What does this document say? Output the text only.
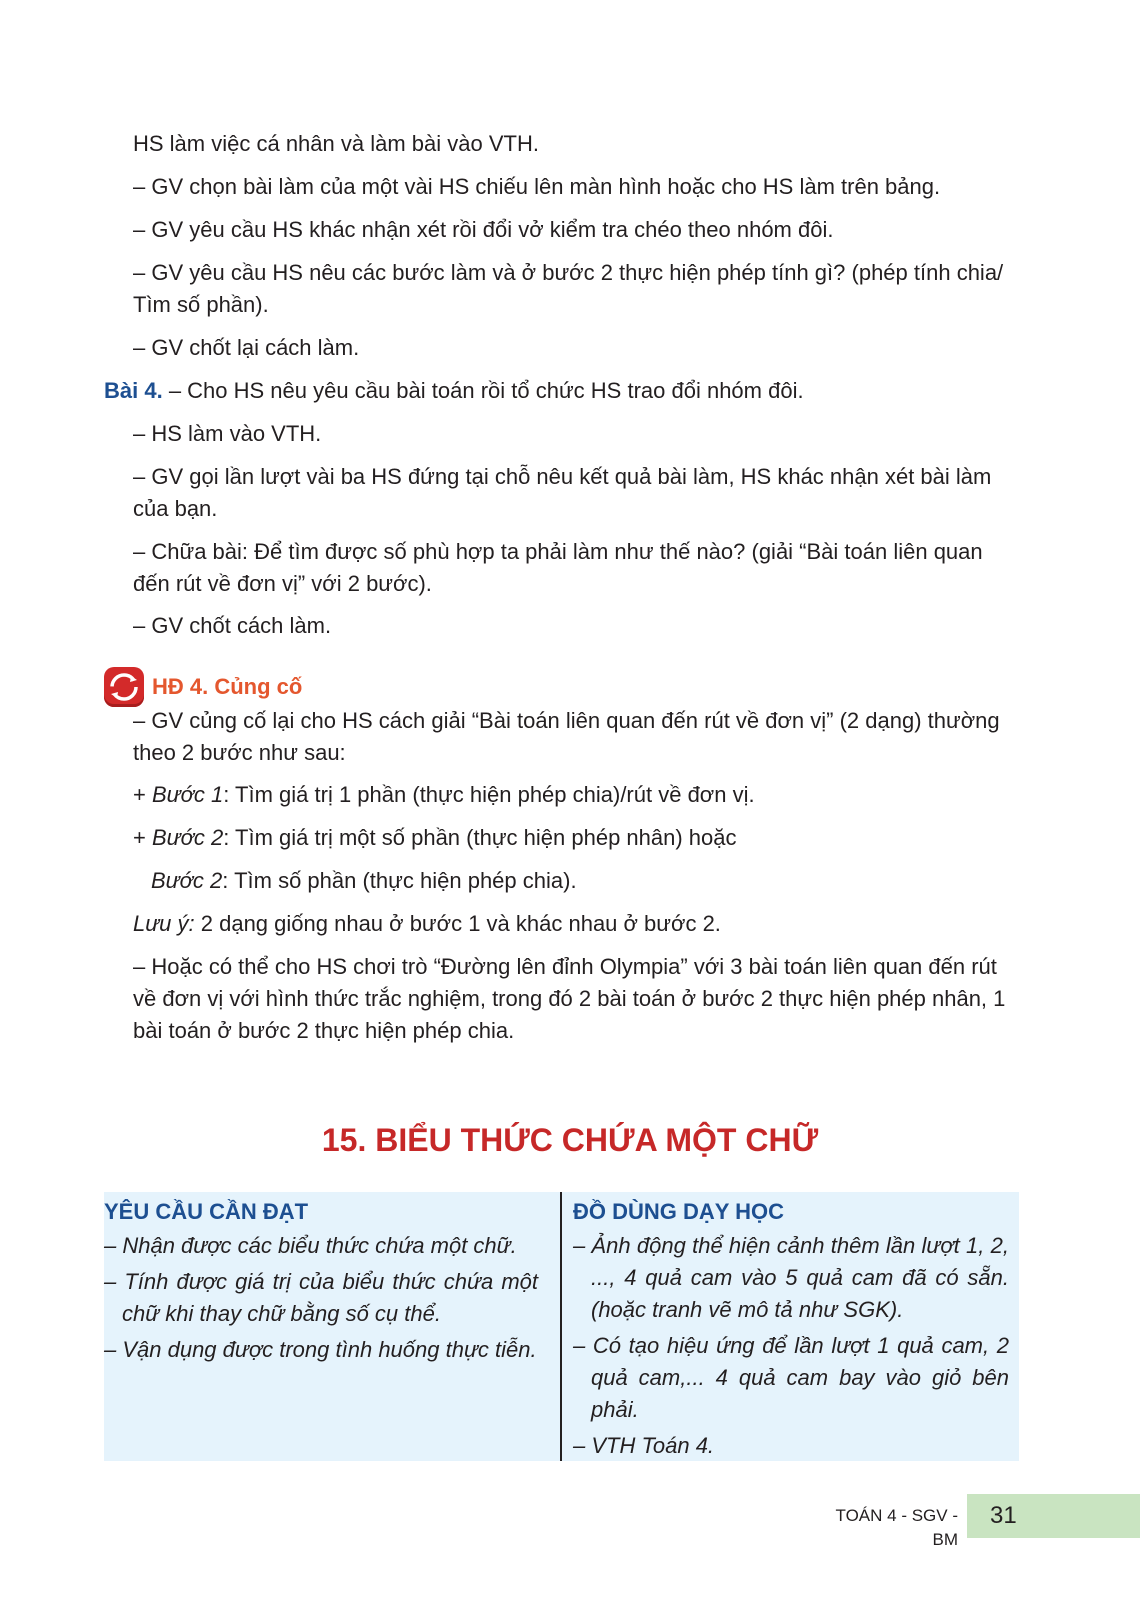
HS làm việc cá nhân và làm bài vào VTH.

– GV chọn bài làm của một vài HS chiếu lên màn hình hoặc cho HS làm trên bảng.

– GV yêu cầu HS khác nhận xét rồi đổi vở kiểm tra chéo theo nhóm đôi.

– GV yêu cầu HS nêu các bước làm và ở bước 2 thực hiện phép tính gì? (phép tính chia/ Tìm số phần).

– GV chốt lại cách làm.

Bài 4. – Cho HS nêu yêu cầu bài toán rồi tổ chức HS trao đổi nhóm đôi.

– HS làm vào VTH.

– GV gọi lần lượt vài ba HS đứng tại chỗ nêu kết quả bài làm, HS khác nhận xét bài làm của bạn.

– Chữa bài: Để tìm được số phù hợp ta phải làm như thế nào? (giải “Bài toán liên quan đến rút về đơn vị” với 2 bước).

– GV chốt cách làm.

HĐ 4. Củng cố

– GV củng cố lại cho HS cách giải “Bài toán liên quan đến rút về đơn vị” (2 dạng) thường theo 2 bước như sau:

+ Bước 1: Tìm giá trị 1 phần (thực hiện phép chia)/rút về đơn vị.

+ Bước 2: Tìm giá trị một số phần (thực hiện phép nhân) hoặc

Bước 2: Tìm số phần (thực hiện phép chia).

Lưu ý: 2 dạng giống nhau ở bước 1 và khác nhau ở bước 2.

– Hoặc có thể cho HS chơi trò “Đường lên đỉnh Olympia” với 3 bài toán liên quan đến rút về đơn vị với hình thức trắc nghiệm, trong đó 2 bài toán ở bước 2 thực hiện phép nhân, 1 bài toán ở bước 2 thực hiện phép chia.

15. BIỂU THỨC CHỨA MỘT CHỮ

YÊU CẦU CẦN ĐẠT

– Nhận được các biểu thức chứa một chữ.

– Tính được giá trị của biểu thức chứa một chữ khi thay chữ bằng số cụ thể.

– Vận dụng được trong tình huống thực tiễn.

ĐỒ DÙNG DẠY HỌC

– Ảnh động thể hiện cảnh thêm lần lượt 1, 2, ..., 4 quả cam vào 5 quả cam đã có sẵn. (hoặc tranh vẽ mô tả như SGK).

– Có tạo hiệu ứng để lần lượt 1 quả cam, 2 quả cam,... 4 quả cam bay vào giỏ bên phải.

– VTH Toán 4.

TOÁN 4 - SGV - BM
31
